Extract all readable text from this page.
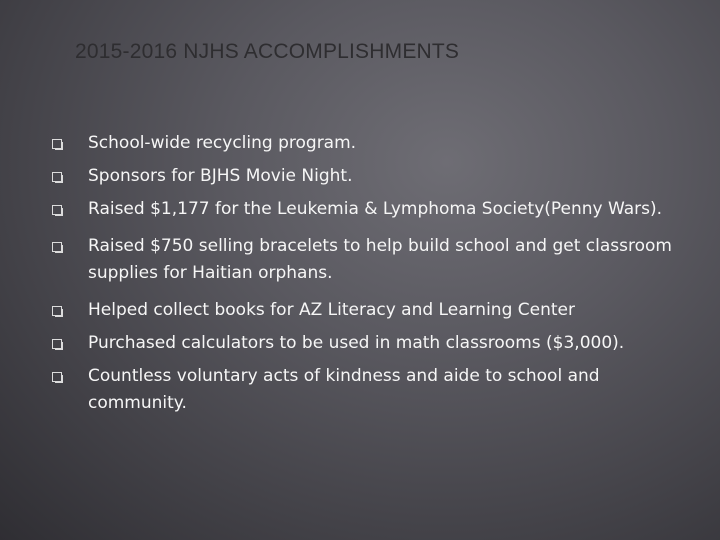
2015-2016 NJHS ACCOMPLISHMENTS
School-wide recycling program.
Sponsors for BJHS Movie Night.
Raised $1,177 for the Leukemia & Lymphoma Society(Penny Wars).
Raised $750 selling bracelets to help build school and get classroom supplies for Haitian orphans.
Helped collect books for AZ Literacy and Learning Center
Purchased calculators to be used in math classrooms ($3,000).
Countless voluntary acts of kindness and aide to school and community.
